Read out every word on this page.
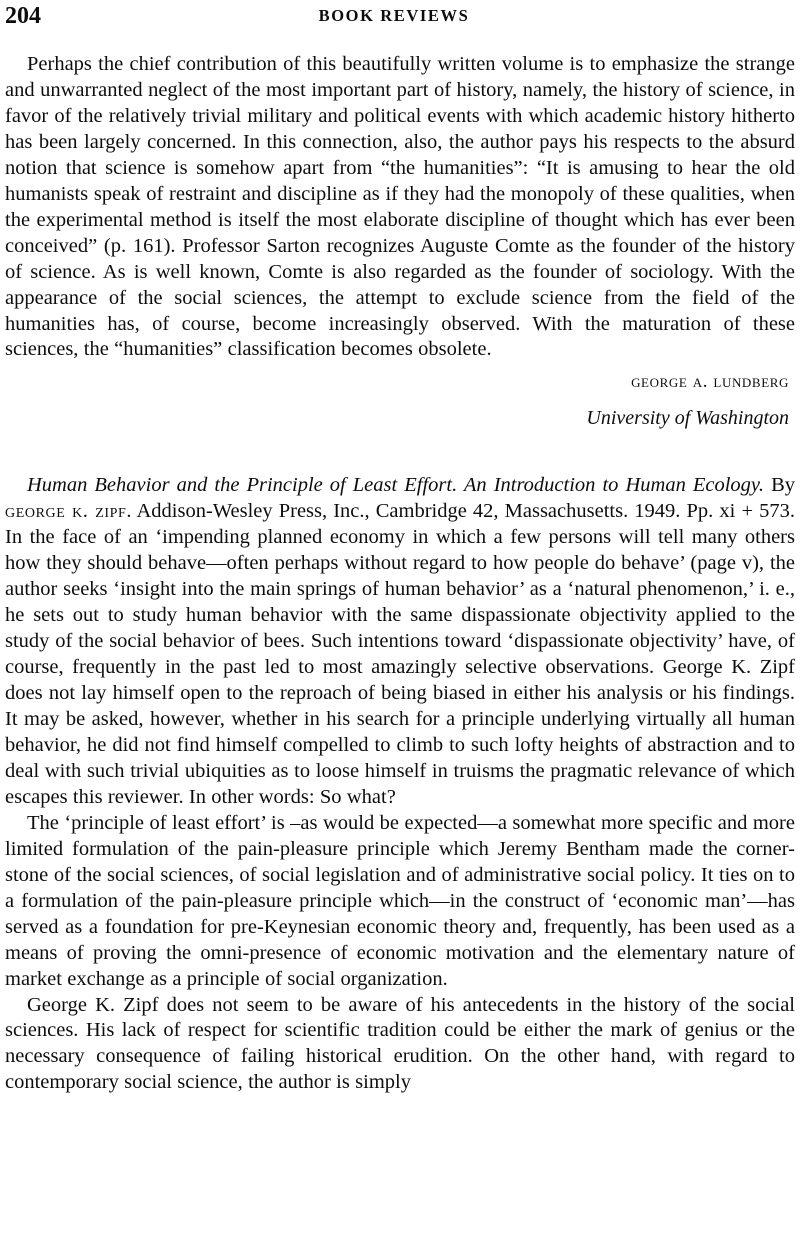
204	BOOK REVIEWS

Perhaps the chief contribution of this beautifully written volume is to emphasize the strange and unwarranted neglect of the most important part of history, namely, the history of science, in favor of the relatively trivial military and political events with which academic history hitherto has been largely concerned. In this connection, also, the author pays his respects to the absurd notion that science is somehow apart from “the humanities”: “It is amusing to hear the old humanists speak of restraint and discipline as if they had the monopoly of these qualities, when the experimental method is itself the most elaborate discipline of thought which has ever been conceived” (p. 161). Professor Sarton recognizes Auguste Comte as the founder of the history of science. As is well known, Comte is also regarded as the founder of sociology. With the appearance of the social sciences, the attempt to exclude science from the field of the humanities has, of course, become increasingly observed. With the maturation of these sciences, the “humanities” classification becomes obsolete.

george a. lundberg
University of Washington

Human Behavior and the Principle of Least Effort. An Introduction to Human Ecology. By george k. zipf. Addison-Wesley Press, Inc., Cambridge 42, Massachusetts. 1949. Pp. xi + 573. In the face of an ‘impending planned economy in which a few persons will tell many others how they should behave—often perhaps without regard to how people do behave’ (page v), the author seeks ‘insight into the main springs of human behavior’ as a ‘natural phenomenon,’ i. e., he sets out to study human behavior with the same dispassionate objectivity applied to the study of the social behavior of bees. Such intentions toward ‘dispassionate objectivity’ have, of course, frequently in the past led to most amazingly selective observations. George K. Zipf does not lay himself open to the reproach of being biased in either his analysis or his findings. It may be asked, however, whether in his search for a principle underlying virtually all human behavior, he did not find himself compelled to climb to such lofty heights of abstraction and to deal with such trivial ubiquities as to loose himself in truisms the pragmatic relevance of which escapes this reviewer. In other words: So what?

The ‘principle of least effort’ is –as would be expected—a somewhat more specific and more limited formulation of the pain-pleasure principle which Jeremy Bentham made the corner-stone of the social sciences, of social legislation and of administrative social policy. It ties on to a formulation of the pain-pleasure principle which—in the construct of ‘economic man’—has served as a foundation for pre-Keynesian economic theory and, frequently, has been used as a means of proving the omni-presence of economic motivation and the elementary nature of market exchange as a principle of social organization.

George K. Zipf does not seem to be aware of his antecedents in the history of the social sciences. His lack of respect for scientific tradition could be either the mark of genius or the necessary consequence of failing historical erudition. On the other hand, with regard to contemporary social science, the author is simply
